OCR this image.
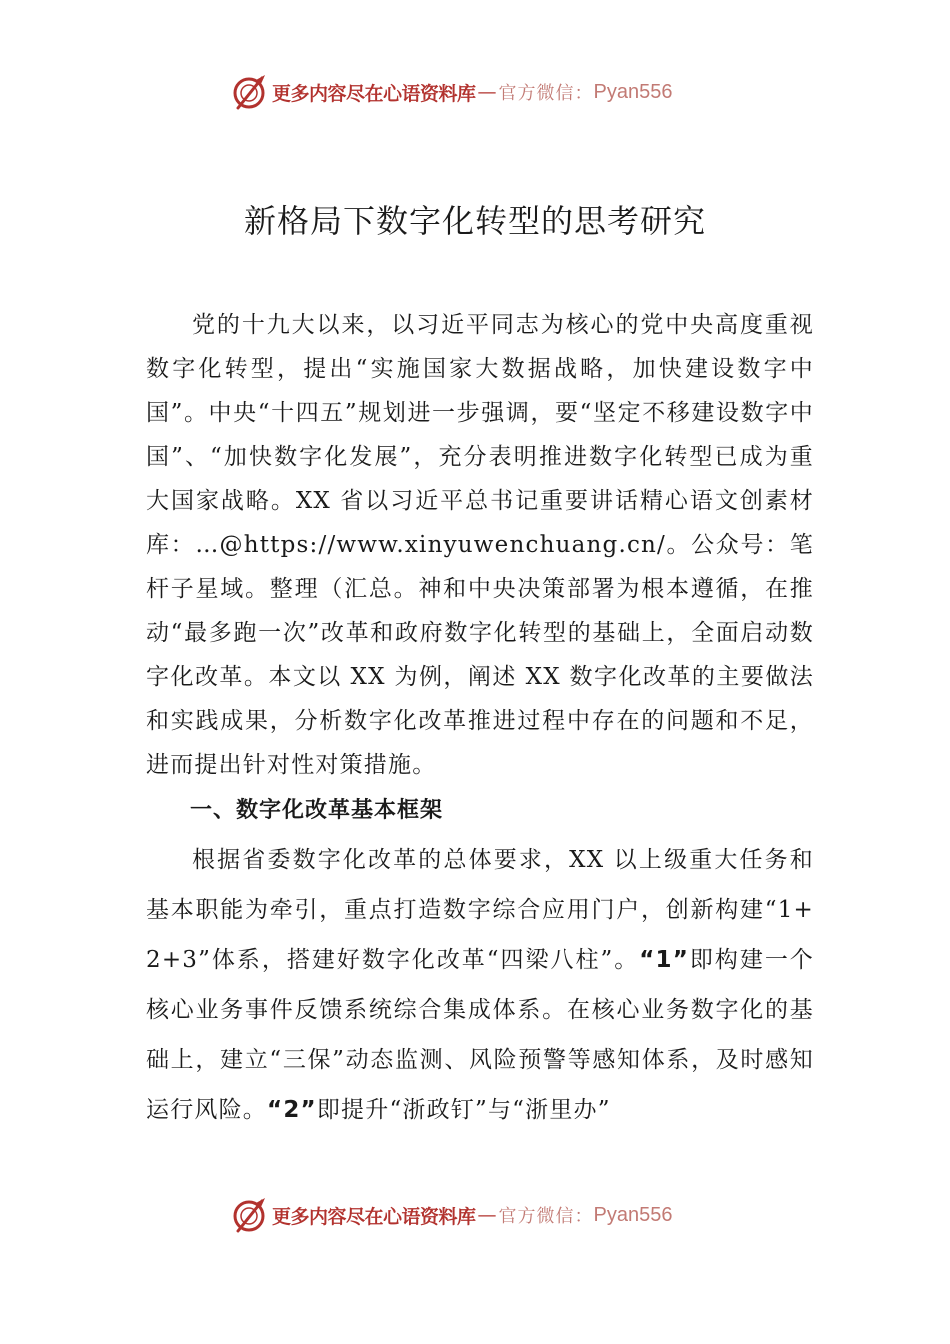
更多内容尽在心语资料库 — 官方微信： Pyan556
新格局下数字化转型的思考研究

党的十九大以来，以习近平同志为核心的党中央高度重视数字化转型，提出“实施国家大数据战略，加快建设数字中国”。中央“十四五”规划进一步强调，要“坚定不移建设数字中国”、“加快数字化发展”，充分表明推进数字化转型已成为重大国家战略。XX 省以习近平总书记重要讲话精心语文创素材库：…@https://www.xinyuwenchuang.cn/。公众号：笔杆子星域。整理（汇总。神和中央决策部署为根本遵循，在推动“最多跑一次”改革和政府数字化转型的基础上，全面启动数字化改革。本文以 XX 为例，阐述 XX 数字化改革的主要做法和实践成果，分析数字化改革推进过程中存在的问题和不足，进而提出针对性对策措施。

一、数字化改革基本框架

根据省委数字化改革的总体要求，XX 以上级重大任务和基本职能为牵引，重点打造数字综合应用门户，创新构建“1+2+3”体系，搭建好数字化改革“四梁八柱”。“1”即构建一个核心业务事件反馈系统综合集成体系。在核心业务数字化的基础上，建立“三保”动态监测、风险预警等感知体系，及时感知运行风险。“2”即提升“浙政钉”与“浙里办”

更多内容尽在心语资料库 — 官方微信： Pyan556
